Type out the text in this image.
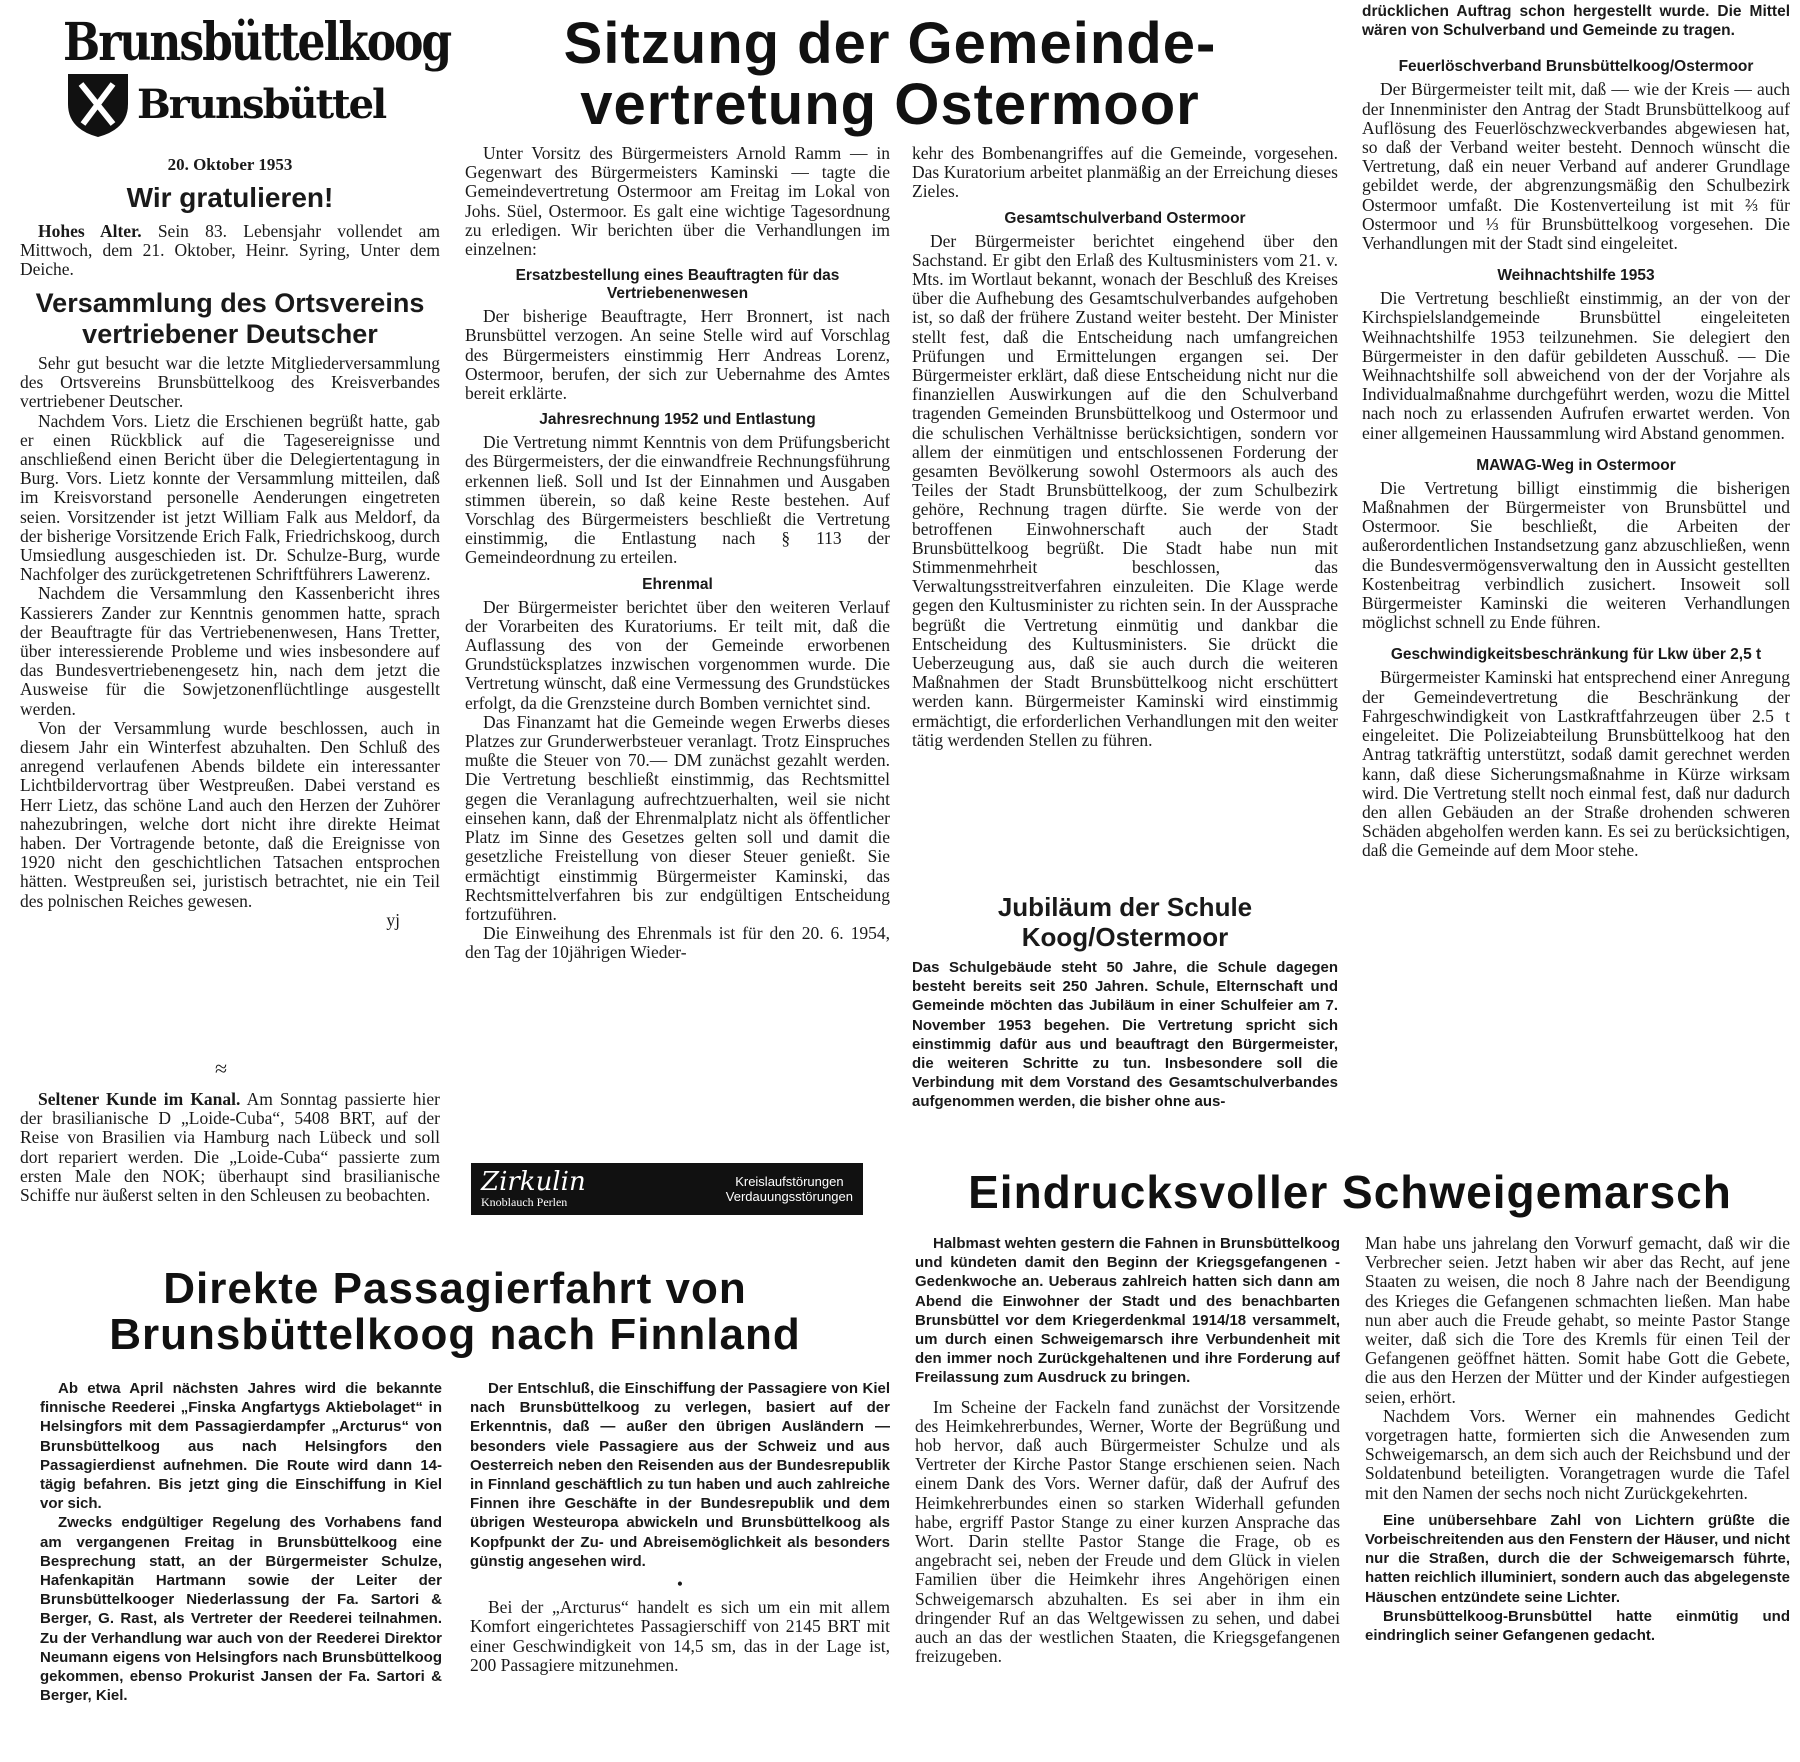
Brunsbüttelkoog
Brunsbüttel
20. Oktober 1953
Wir gratulieren!

Hohes Alter. Sein 83. Lebensjahr vollendet am Mittwoch, dem 21. Oktober, Heinr. Syring, Unter dem Deiche.

Versammlung des Ortsvereins vertriebener Deutscher

Sehr gut besucht war die letzte Mitgliederversammlung des Ortsvereins Brunsbüttelkoog des Kreisverbandes vertriebener Deutscher.

Nachdem Vors. Lietz die Erschienen begrüßt hatte, gab er einen Rückblick auf die Tagesereignisse und anschließend einen Bericht über die Delegiertentagung in Burg. Vors. Lietz konnte der Versammlung mitteilen, daß im Kreisvorstand personelle Aenderungen eingetreten seien. Vorsitzender ist jetzt William Falk aus Meldorf, da der bisherige Vorsitzende Erich Falk, Friedrichskoog, durch Umsiedlung ausgeschieden ist. Dr. Schulze-Burg, wurde Nachfolger des zurückgetretenen Schriftführers Lawerenz.

Nachdem die Versammlung den Kassenbericht ihres Kassierers Zander zur Kenntnis genommen hatte, sprach der Beauftragte für das Vertriebenenwesen, Hans Tretter, über interessierende Probleme und wies insbesondere auf das Bundesvertriebenengesetz hin, nach dem jetzt die Ausweise für die Sowjetzonenflüchtlinge ausgestellt werden.

Von der Versammlung wurde beschlossen, auch in diesem Jahr ein Winterfest abzuhalten. Den Schluß des anregend verlaufenen Abends bildete ein interessanter Lichtbildervortrag über Westpreußen. Dabei verstand es Herr Lietz, das schöne Land auch den Herzen der Zuhörer nahezubringen, welche dort nicht ihre direkte Heimat haben. Der Vortragende betonte, daß die Ereignisse von 1920 nicht den geschichtlichen Tatsachen entsprochen hätten. Westpreußen sei, juristisch betrachtet, nie ein Teil des polnischen Reiches gewesen.

yj
≈

Seltener Kunde im Kanal. Am Sonntag passierte hier der brasilianische D „Loide-Cuba“, 5408 BRT, auf der Reise von Brasilien via Hamburg nach Lübeck und soll dort repariert werden. Die „Loide-Cuba“ passierte zum ersten Male den NOK; überhaupt sind brasilianische Schiffe nur äußerst selten in den Schleusen zu beobachten.

Sitzung der Gemeinde-vertretung Ostermoor

Unter Vorsitz des Bürgermeisters Arnold Ramm — in Gegenwart des Bürgermeisters Kaminski — tagte die Gemeindevertretung Ostermoor am Freitag im Lokal von Johs. Süel, Ostermoor. Es galt eine wichtige Tagesordnung zu erledigen. Wir berichten über die Verhandlungen im einzelnen:

Ersatzbestellung eines Beauftragten für das Vertriebenenwesen

Der bisherige Beauftragte, Herr Bronnert, ist nach Brunsbüttel verzogen. An seine Stelle wird auf Vorschlag des Bürgermeisters einstimmig Herr Andreas Lorenz, Ostermoor, berufen, der sich zur Uebernahme des Amtes bereit erklärte.

Jahresrechnung 1952 und Entlastung

Die Vertretung nimmt Kenntnis von dem Prüfungsbericht des Bürgermeisters, der die einwandfreie Rechnungsführung erkennen ließ. Soll und Ist der Einnahmen und Ausgaben stimmen überein, so daß keine Reste bestehen. Auf Vorschlag des Bürgermeisters beschließt die Vertretung einstimmig, die Entlastung nach § 113 der Gemeindeordnung zu erteilen.

Ehrenmal

Der Bürgermeister berichtet über den weiteren Verlauf der Vorarbeiten des Kuratoriums. Er teilt mit, daß die Auflassung des von der Gemeinde erworbenen Grundstücksplatzes inzwischen vorgenommen wurde. Die Vertretung wünscht, daß eine Vermessung des Grundstückes erfolgt, da die Grenzsteine durch Bomben vernichtet sind.

Das Finanzamt hat die Gemeinde wegen Erwerbs dieses Platzes zur Grunderwerbsteuer veranlagt. Trotz Einspruches mußte die Steuer von 70.— DM zunächst gezahlt werden. Die Vertretung beschließt einstimmig, das Rechtsmittel gegen die Veranlagung aufrechtzuerhalten, weil sie nicht einsehen kann, daß der Ehrenmalplatz nicht als öffentlicher Platz im Sinne des Gesetzes gelten soll und damit die gesetzliche Freistellung von dieser Steuer genießt. Sie ermächtigt einstimmig Bürgermeister Kaminski, das Rechtsmittelverfahren bis zur endgültigen Entscheidung fortzuführen.

Die Einweihung des Ehrenmals ist für den 20. 6. 1954, den Tag der 10jährigen Wieder-

kehr des Bombenangriffes auf die Gemeinde, vorgesehen. Das Kuratorium arbeitet planmäßig an der Erreichung dieses Zieles.

Gesamtschulverband Ostermoor

Der Bürgermeister berichtet eingehend über den Sachstand. Er gibt den Erlaß des Kultusministers vom 21. v. Mts. im Wortlaut bekannt, wonach der Beschluß des Kreises über die Aufhebung des Gesamtschulverbandes aufgehoben ist, so daß der frühere Zustand weiter besteht. Der Minister stellt fest, daß die Entscheidung nach umfangreichen Prüfungen und Ermittelungen ergangen sei. Der Bürgermeister erklärt, daß diese Entscheidung nicht nur die finanziellen Auswirkungen auf die den Schulverband tragenden Gemeinden Brunsbüttelkoog und Ostermoor und die schulischen Verhältnisse berücksichtigen, sondern vor allem der einmütigen und entschlossenen Forderung der gesamten Bevölkerung sowohl Ostermoors als auch des Teiles der Stadt Brunsbüttelkoog, der zum Schulbezirk gehöre, Rechnung tragen dürfte. Sie werde von der betroffenen Einwohnerschaft auch der Stadt Brunsbüttelkoog begrüßt. Die Stadt habe nun mit Stimmenmehrheit beschlossen, das Verwaltungsstreitverfahren einzuleiten. Die Klage werde gegen den Kultusminister zu richten sein. In der Aussprache begrüßt die Vertretung einmütig und dankbar die Entscheidung des Kultusministers. Sie drückt die Ueberzeugung aus, daß sie auch durch die weiteren Maßnahmen der Stadt Brunsbüttelkoog nicht erschüttert werden kann. Bürgermeister Kaminski wird einstimmig ermächtigt, die erforderlichen Verhandlungen mit den weiter tätig werdenden Stellen zu führen.

drücklichen Auftrag schon hergestellt wurde. Die Mittel wären von Schulverband und Gemeinde zu tragen.

Feuerlöschverband Brunsbüttelkoog/Ostermoor

Der Bürgermeister teilt mit, daß — wie der Kreis — auch der Innenminister den Antrag der Stadt Brunsbüttelkoog auf Auflösung des Feuerlöschzweckverbandes abgewiesen hat, so daß der Verband weiter besteht. Dennoch wünscht die Vertretung, daß ein neuer Verband auf anderer Grundlage gebildet werde, der abgrenzungsmäßig den Schulbezirk Ostermoor umfaßt. Die Kostenverteilung ist mit ⅔ für Ostermoor und ⅓ für Brunsbüttelkoog vorgesehen. Die Verhandlungen mit der Stadt sind eingeleitet.

Weihnachtshilfe 1953

Die Vertretung beschließt einstimmig, an der von der Kirchspielslandgemeinde Brunsbüttel eingeleiteten Weihnachtshilfe 1953 teilzunehmen. Sie delegiert den Bürgermeister in den dafür gebildeten Ausschuß. — Die Weihnachtshilfe soll abweichend von der der Vorjahre als Individualmaßnahme durchgeführt werden, wozu die Mittel nach noch zu erlassenden Aufrufen erwartet werden. Von einer allgemeinen Haussammlung wird Abstand genommen.

MAWAG-Weg in Ostermoor

Die Vertretung billigt einstimmig die bisherigen Maßnahmen der Bürgermeister von Brunsbüttel und Ostermoor. Sie beschließt, die Arbeiten der außerordentlichen Instandsetzung ganz abzuschließen, wenn die Bundesvermögensverwaltung den in Aussicht gestellten Kostenbeitrag verbindlich zusichert. Insoweit soll Bürgermeister Kaminski die weiteren Verhandlungen möglichst schnell zu Ende führen.

Geschwindigkeitsbeschränkung für Lkw über 2,5 t

Bürgermeister Kaminski hat entsprechend einer Anregung der Gemeindevertretung die Beschränkung der Fahrgeschwindigkeit von Lastkraftfahrzeugen über 2.5 t eingeleitet. Die Polizeiabteilung Brunsbüttelkoog hat den Antrag tatkräftig unterstützt, sodaß damit gerechnet werden kann, daß diese Sicherungsmaßnahme in Kürze wirksam wird. Die Vertretung stellt noch einmal fest, daß nur dadurch den allen Gebäuden an der Straße drohenden schweren Schäden abgeholfen werden kann. Es sei zu berücksichtigen, daß die Gemeinde auf dem Moor stehe.

Jubiläum der Schule Koog/Ostermoor

Das Schulgebäude steht 50 Jahre, die Schule dagegen besteht bereits seit 250 Jahren. Schule, Elternschaft und Gemeinde möchten das Jubiläum in einer Schulfeier am 7. November 1953 begehen. Die Vertretung spricht sich einstimmig dafür aus und beauftragt den Bürgermeister, die weiteren Schritte zu tun. Insbesondere soll die Verbindung mit dem Vorstand des Gesamtschulverbandes aufgenommen werden, die bisher ohne aus-

Zirkulin
Knoblauch Perlen
Kreislaufstörungen
Verdauungsstörungen
Direkte Passagierfahrt von Brunsbüttelkoog nach Finnland

Ab etwa April nächsten Jahres wird die bekannte finnische Reederei „Finska Angfartygs Aktiebolaget“ in Helsingfors mit dem Passagierdampfer „Arcturus“ von Brunsbüttelkoog aus nach Helsingfors den Passagierdienst aufnehmen. Die Route wird dann 14-tägig befahren. Bis jetzt ging die Einschiffung in Kiel vor sich.

Zwecks endgültiger Regelung des Vorhabens fand am vergangenen Freitag in Brunsbüttelkoog eine Besprechung statt, an der Bürgermeister Schulze, Hafenkapitän Hartmann sowie der Leiter der Brunsbüttelkooger Niederlassung der Fa. Sartori & Berger, G. Rast, als Vertreter der Reederei teilnahmen. Zu der Verhandlung war auch von der Reederei Direktor Neumann eigens von Helsingfors nach Brunsbüttelkoog gekommen, ebenso Prokurist Jansen der Fa. Sartori & Berger, Kiel.

Der Entschluß, die Einschiffung der Passagiere von Kiel nach Brunsbüttelkoog zu verlegen, basiert auf der Erkenntnis, daß — außer den übrigen Ausländern — besonders viele Passagiere aus der Schweiz und aus Oesterreich neben den Reisenden aus der Bundesrepublik in Finnland geschäftlich zu tun haben und auch zahlreiche Finnen ihre Geschäfte in der Bundesrepublik und dem übrigen Westeuropa abwickeln und Brunsbüttelkoog als Kopfpunkt der Zu- und Abreisemöglichkeit als besonders günstig angesehen wird.

•

Bei der „Arcturus“ handelt es sich um ein mit allem Komfort eingerichtetes Passagierschiff von 2145 BRT mit einer Geschwindigkeit von 14,5 sm, das in der Lage ist, 200 Passagiere mitzunehmen.

Eindrucksvoller Schweigemarsch

Halbmast wehten gestern die Fahnen in Brunsbüttelkoog und kündeten damit den Beginn der Kriegsgefangenen - Gedenkwoche an. Ueberaus zahlreich hatten sich dann am Abend die Einwohner der Stadt und des benachbarten Brunsbüttel vor dem Kriegerdenkmal 1914/18 versammelt, um durch einen Schweigemarsch ihre Verbundenheit mit den immer noch Zurückgehaltenen und ihre Forderung auf Freilassung zum Ausdruck zu bringen.

Im Scheine der Fackeln fand zunächst der Vorsitzende des Heimkehrerbundes, Werner, Worte der Begrüßung und hob hervor, daß auch Bürgermeister Schulze und als Vertreter der Kirche Pastor Stange erschienen seien. Nach einem Dank des Vors. Werner dafür, daß der Aufruf des Heimkehrerbundes einen so starken Widerhall gefunden habe, ergriff Pastor Stange zu einer kurzen Ansprache das Wort. Darin stellte Pastor Stange die Frage, ob es angebracht sei, neben der Freude und dem Glück in vielen Familien über die Heimkehr ihres Angehörigen einen Schweigemarsch abzuhalten. Es sei aber in ihm ein dringender Ruf an das Weltgewissen zu sehen, und dabei auch an das der westlichen Staaten, die Kriegsgefangenen freizugeben.

Man habe uns jahrelang den Vorwurf gemacht, daß wir die Verbrecher seien. Jetzt haben wir aber das Recht, auf jene Staaten zu weisen, die noch 8 Jahre nach der Beendigung des Krieges die Gefangenen schmachten ließen. Man habe nun aber auch die Freude gehabt, so meinte Pastor Stange weiter, daß sich die Tore des Kremls für einen Teil der Gefangenen geöffnet hätten. Somit habe Gott die Gebete, die aus den Herzen der Mütter und der Kinder aufgestiegen seien, erhört.

Nachdem Vors. Werner ein mahnendes Gedicht vorgetragen hatte, formierten sich die Anwesenden zum Schweigemarsch, an dem sich auch der Reichsbund und der Soldatenbund beteiligten. Vorangetragen wurde die Tafel mit den Namen der sechs noch nicht Zurückgekehrten.

Eine unübersehbare Zahl von Lichtern grüßte die Vorbeischreitenden aus den Fenstern der Häuser, und nicht nur die Straßen, durch die der Schweigemarsch führte, hatten reichlich illuminiert, sondern auch das abgelegenste Häuschen entzündete seine Lichter.

Brunsbüttelkoog-Brunsbüttel hatte einmütig und eindringlich seiner Gefangenen gedacht.
